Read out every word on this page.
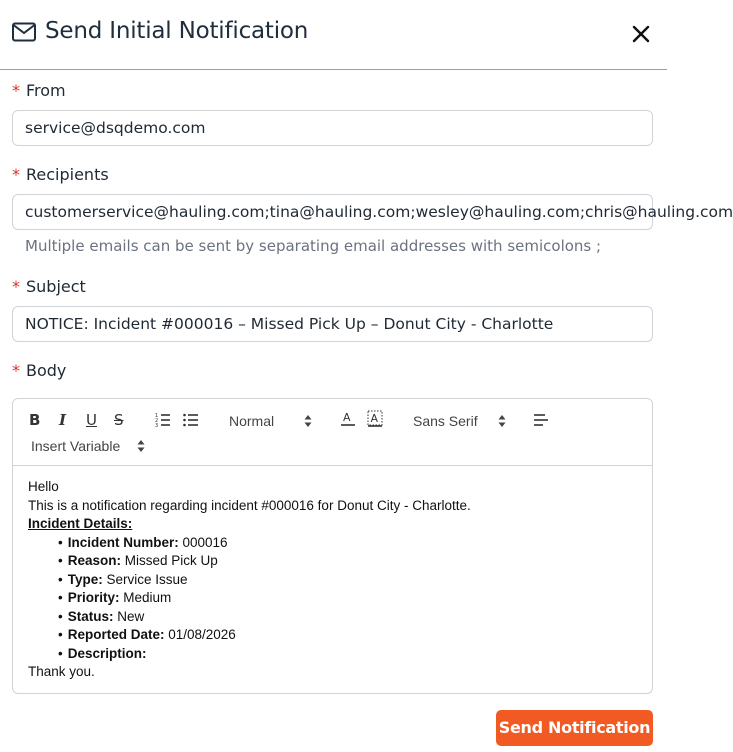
Send Initial Notification
* From
service@dsqdemo.com
* Recipients
customerservice@hauling.com;tina@hauling.com;wesley@hauling.com;chris@hauling.com
Multiple emails can be sent by separating email addresses with semicolons ;
* Subject
NOTICE: Incident #000016 – Missed Pick Up – Donut City - Charlotte
* Body
B I U S	1
2
3	Normal	A A Sans Serif
Insert Variable
Hello
This is a notification regarding incident #000016 for Donut City - Charlotte.
Incident Details:
• Incident Number: 000016
• Reason: Missed Pick Up
• Type: Service Issue
• Priority: Medium
• Status: New
• Reported Date: 01/08/2026
• Description:
Thank you.
Send Notification
